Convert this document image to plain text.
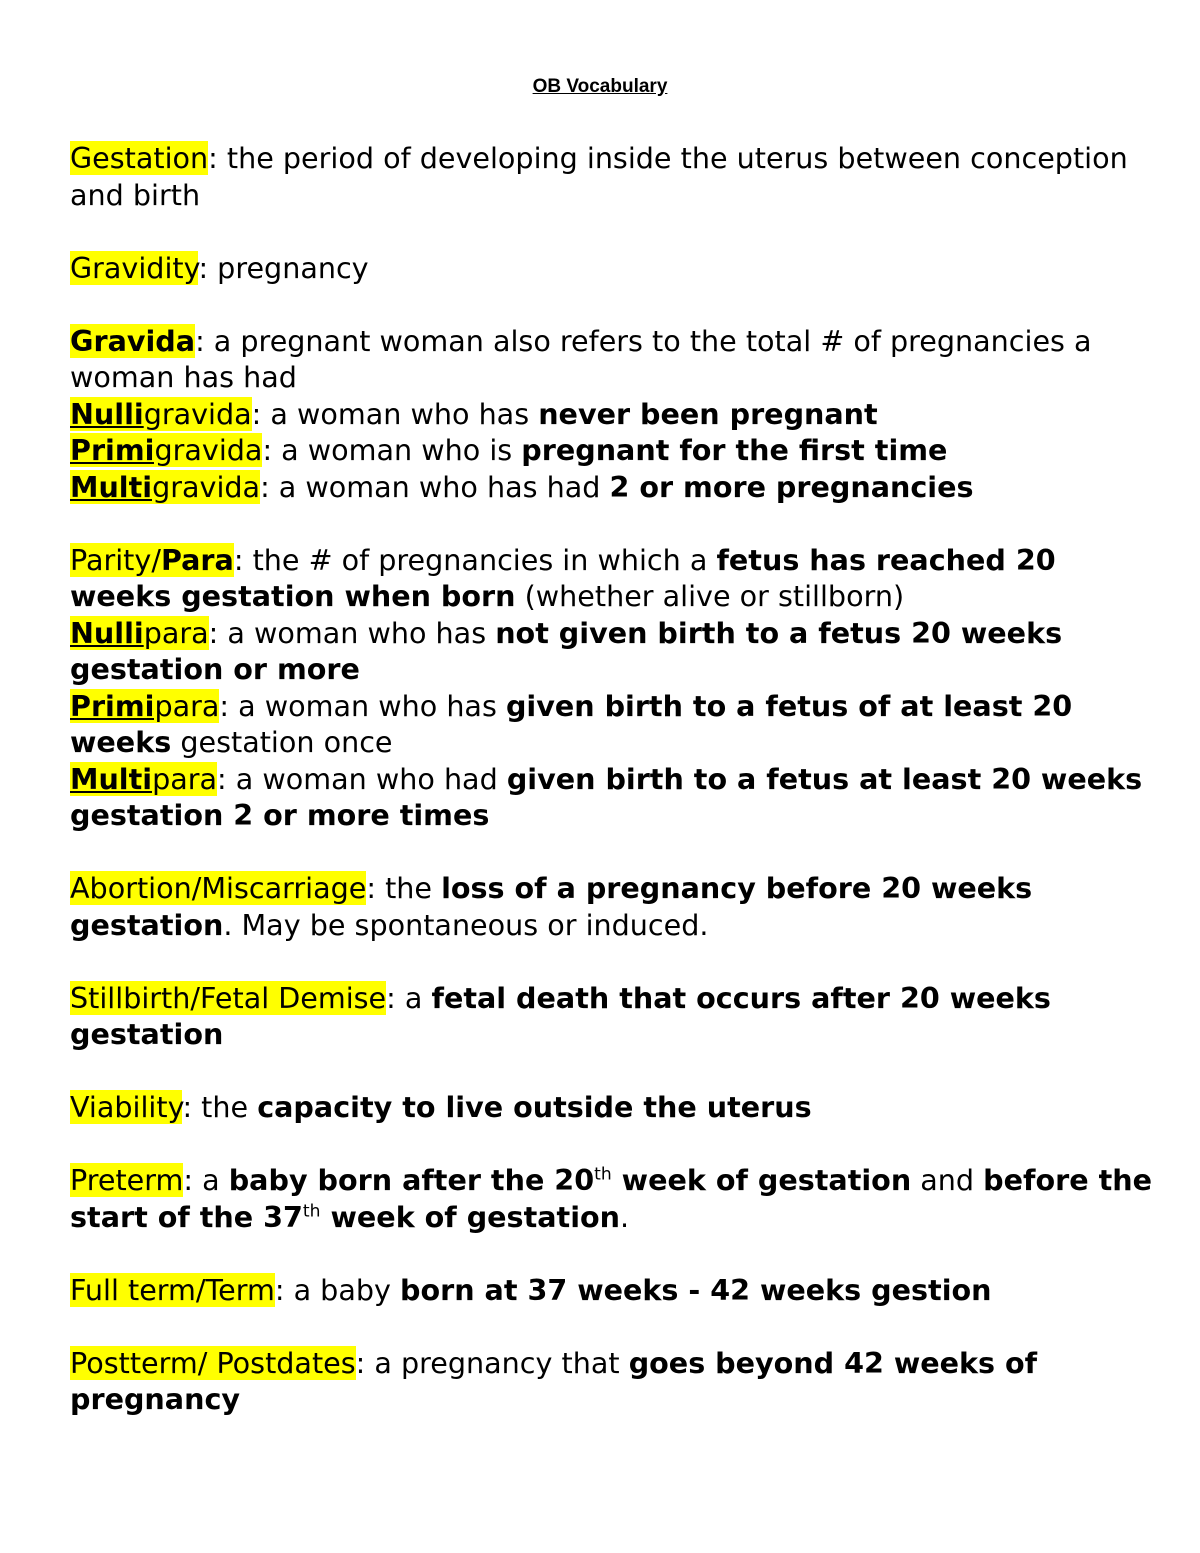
OB Vocabulary

Gestation: the period of developing inside the uterus between conception and birth

Gravidity: pregnancy

Gravida: a pregnant woman also refers to the total # of pregnancies a woman has had

Nulligravida: a woman who has never been pregnant

Primigravida: a woman who is pregnant for the first time

Multigravida: a woman who has had 2 or more pregnancies

Parity/Para: the # of pregnancies in which a fetus has reached 20 weeks gestation when born (whether alive or stillborn)

Nullipara: a woman who has not given birth to a fetus 20 weeks gestation or more

Primipara: a woman who has given birth to a fetus of at least 20 weeks gestation once

Multipara: a woman who had given birth to a fetus at least 20 weeks gestation 2 or more times

Abortion/Miscarriage: the loss of a pregnancy before 20 weeks gestation. May be spontaneous or induced.

Stillbirth/Fetal Demise: a fetal death that occurs after 20 weeks gestation

Viability: the capacity to live outside the uterus

Preterm: a baby born after the 20th week of gestation and before the start of the 37th week of gestation.

Full term/Term: a baby born at 37 weeks - 42 weeks gestion

Postterm/ Postdates: a pregnancy that goes beyond 42 weeks of pregnancy
